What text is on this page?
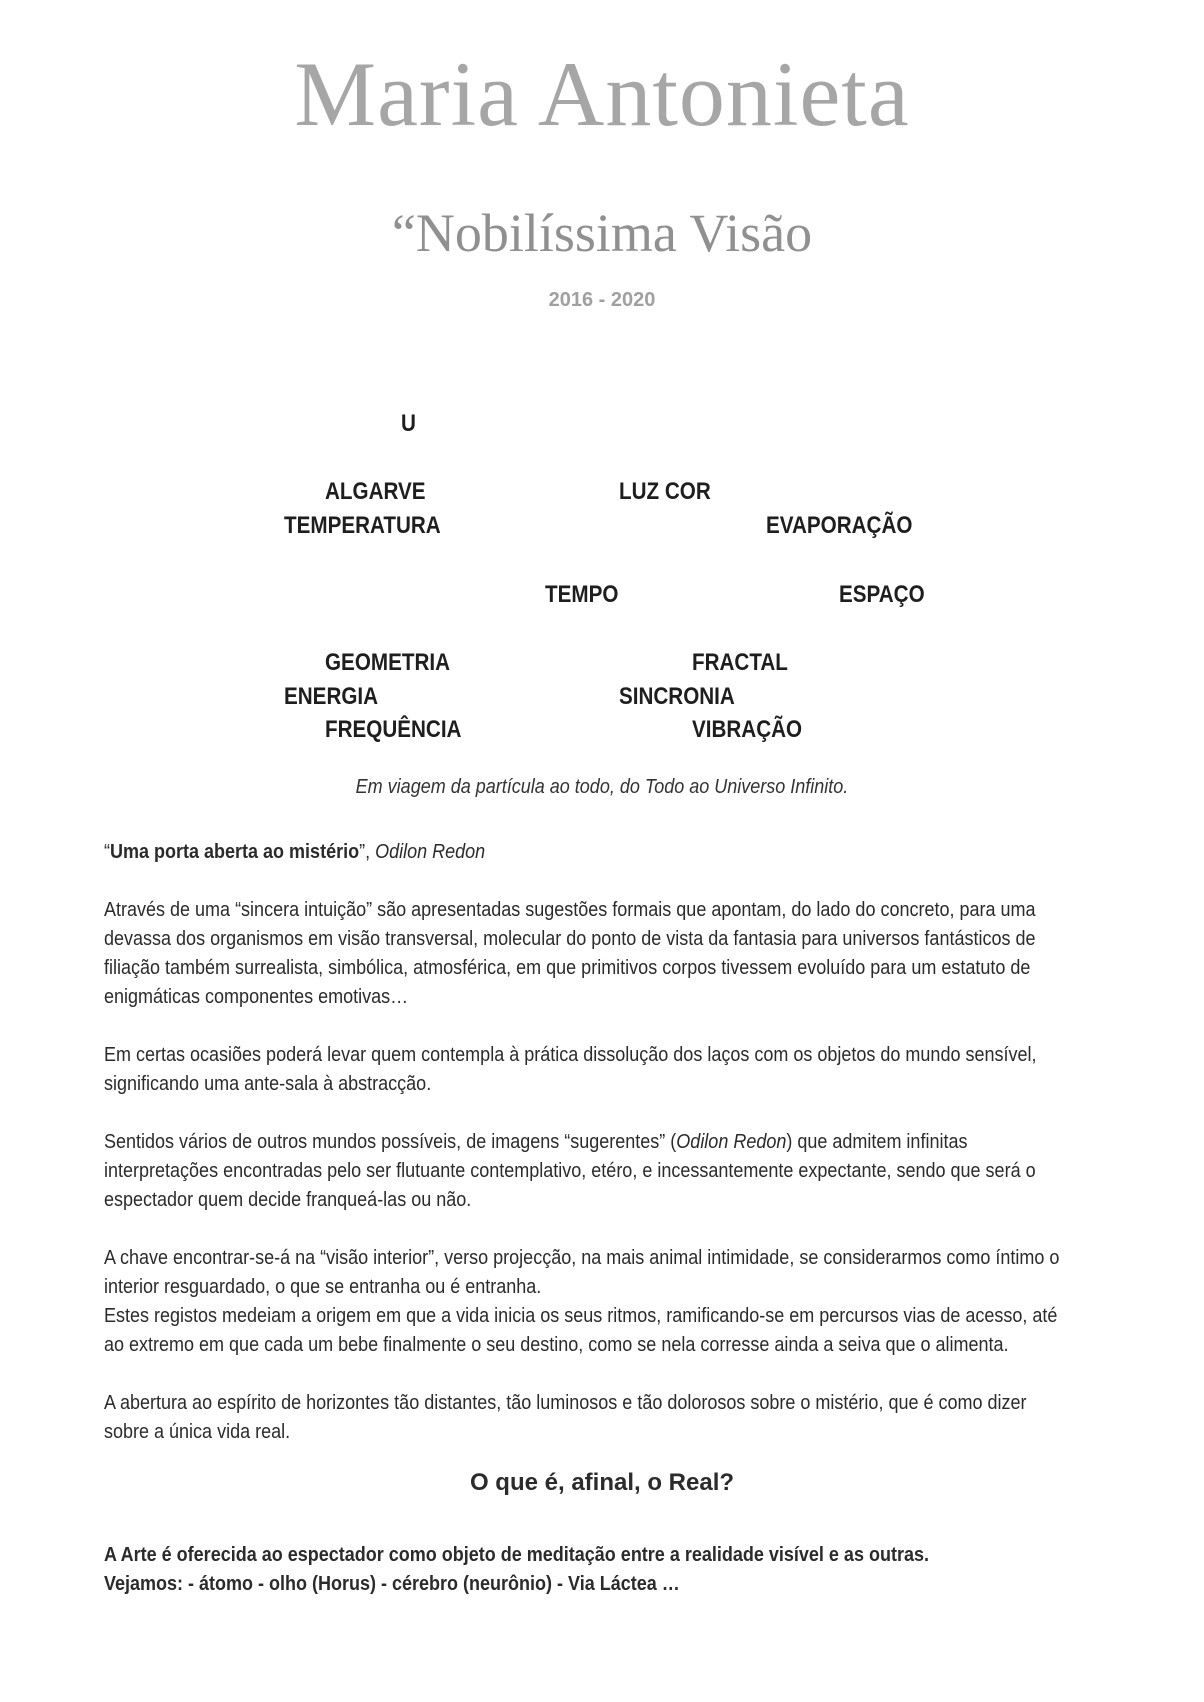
Maria Antonieta
“Nobilíssima Visão
2016 - 2020
U
ALGARVE
TEMPERATURA
LUZ COR
EVAPORAÇÃO
TEMPO	ESPAÇO
GEOMETRIA
ENERGIA
FREQUÊNCIA
FRACTAL
SINCRONIA
VIBRAÇÃO
Em viagem da partícula ao todo, do Todo ao Universo Infinito.
“Uma porta aberta ao mistério”, Odilon Redon
Através de uma “sincera intuição” são apresentadas sugestões formais que apontam, do lado do concreto, para uma devassa dos organismos em visão transversal, molecular do ponto de vista da fantasia para universos fantásticos de filiação também surrealista, simbólica, atmosférica, em que primitivos corpos tivessem evoluído para um estatuto de enigmáticas componentes emotivas…
Em certas ocasiões poderá levar quem contempla à prática dissolução dos laços com os objetos do mundo sensível, significando uma ante-sala à abstracção.
Sentidos vários de outros mundos possíveis, de imagens “sugerentes” (Odilon Redon) que admitem infinitas interpretações encontradas pelo ser flutuante contemplativo, etéro, e incessantemente expectante, sendo que será o espectador quem decide franqueá-las ou não.
A chave encontrar-se-á na “visão interior”, verso projecção, na mais animal intimidade, se considerarmos como íntimo o interior resguardado, o que se entranha ou é entranha.
Estes registos medeiam a origem em que a vida inicia os seus ritmos, ramificando-se em percursos vias de acesso, até ao extremo em que cada um bebe finalmente o seu destino, como se nela corresse ainda a seiva que o alimenta.
A abertura ao espírito de horizontes tão distantes, tão luminosos e tão dolorosos sobre o mistério, que é como dizer sobre a única vida real.
O que é, afinal, o Real?
A Arte é oferecida ao espectador como objeto de meditação entre a realidade visível e as outras.
Vejamos: - átomo - olho (Horus) - cérebro (neurônio) - Via Láctea …
